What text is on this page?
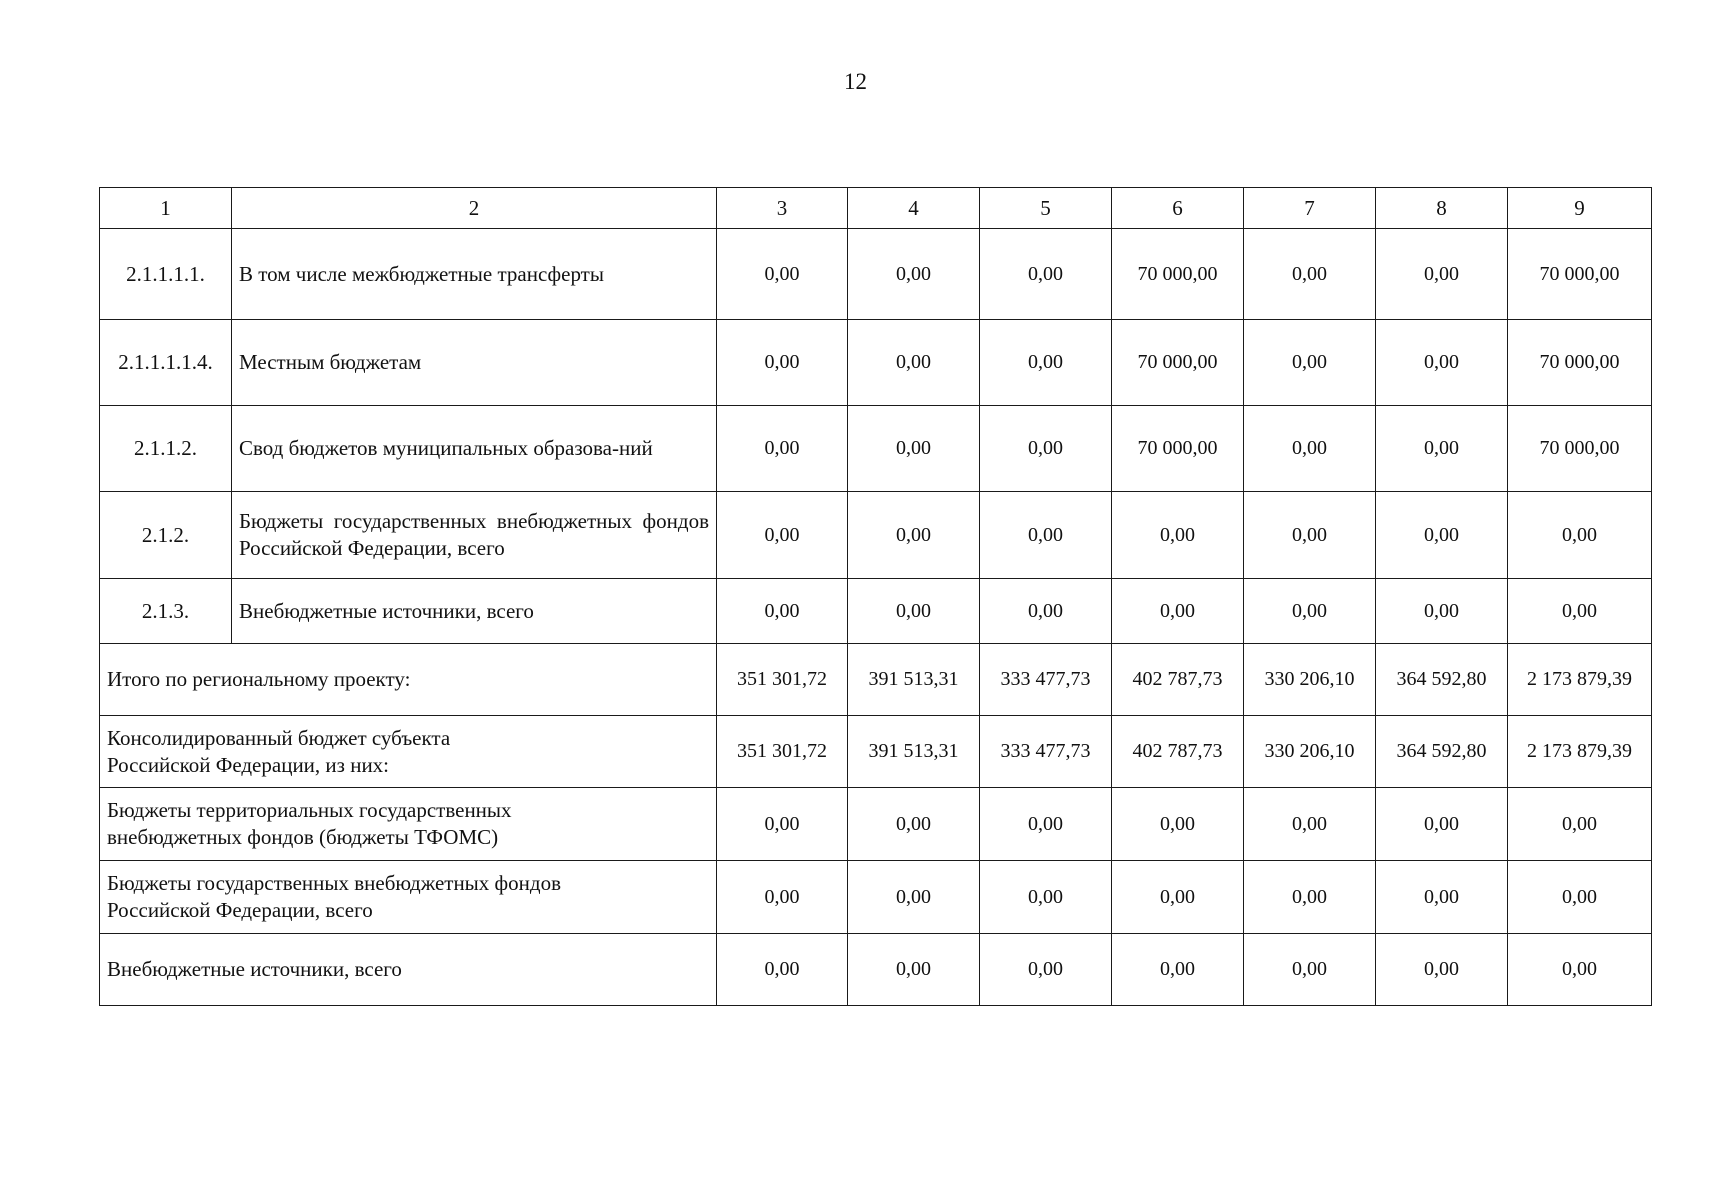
12
1	2	3	4	5	6	7	8	9
2.1.1.1.1.	В том числе межбюджетные трансферты	0,00	0,00	0,00	70 000,00	0,00	0,00	70 000,00
2.1.1.1.1.4.	Местным бюджетам	0,00	0,00	0,00	70 000,00	0,00	0,00	70 000,00
2.1.1.2.	Свод бюджетов муниципальных образова-ний	0,00	0,00	0,00	70 000,00	0,00	0,00	70 000,00
2.1.2.	Бюджеты государственных внебюджетных фондов Российской Федерации, всего	0,00	0,00	0,00	0,00	0,00	0,00	0,00
2.1.3.	Внебюджетные источники, всего	0,00	0,00	0,00	0,00	0,00	0,00	0,00
Итого по региональному проекту:		351 301,72	391 513,31	333 477,73	402 787,73	330 206,10	364 592,80	2 173 879,39

Консолидированный бюджет субъекта Российской Федерации, из них:		351 301,72	391 513,31	333 477,73	402 787,73	330 206,10	364 592,80	2 173 879,39

Бюджеты территориальных государственных внебюджетных фондов (бюджеты ТФОМС)		0,00	0,00	0,00	0,00	0,00	0,00	0,00

Бюджеты государственных внебюджетных фондов Российской Федерации, всего		0,00	0,00	0,00	0,00	0,00	0,00	0,00
Внебюджетные источники, всего		0,00	0,00	0,00	0,00	0,00	0,00	0,00
